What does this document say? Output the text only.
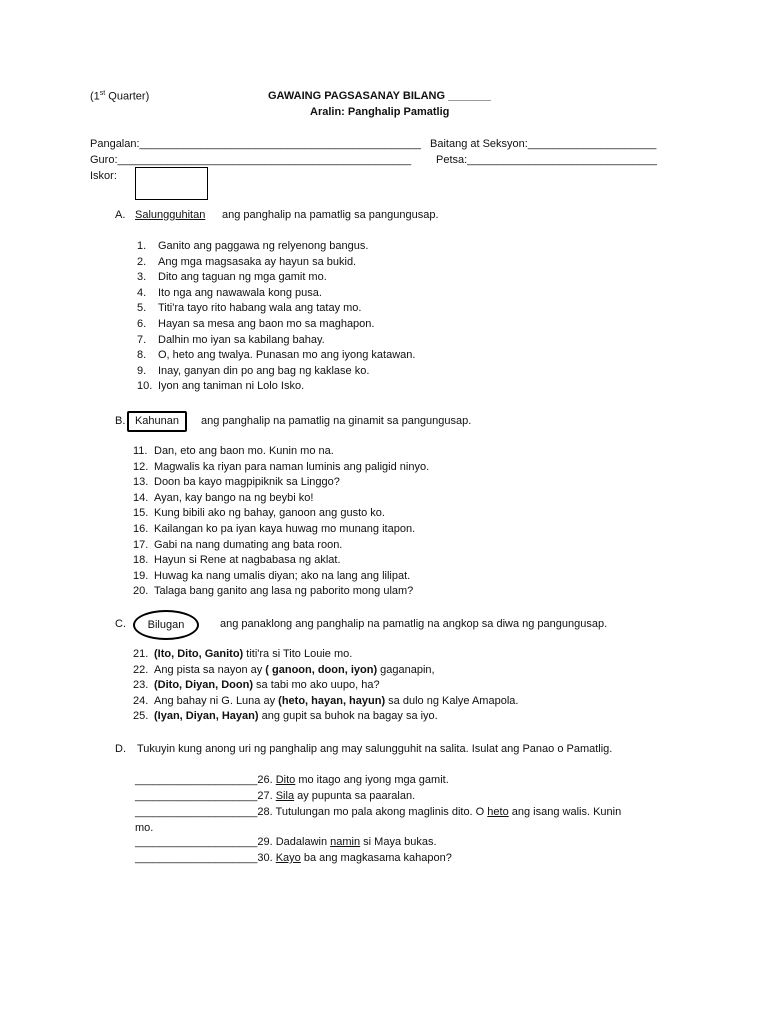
(1st Quarter)	GAWAING PAGSASANAY BILANG _______
Aralin: Panghalip Pamatlig
Pangalan:______________________________________________ Baitang at Seksyon:_____________________
Guro:________________________________________________ Petsa:_______________________________
Iskor:
A. Salungguhitan ang panghalip na pamatlig sa pangungusap.
1. Ganito ang paggawa ng relyenong bangus.
2. Ang mga magsasaka ay hayun sa bukid.
3. Dito ang taguan ng mga gamit mo.
4. Ito nga ang nawawala kong pusa.
5. Titi'ra tayo rito habang wala ang tatay mo.
6. Hayan sa mesa ang baon mo sa maghapon.
7. Dalhin mo iyan sa kabilang bahay.
8. O, heto ang twalya. Punasan mo ang iyong katawan.
9. Inay, ganyan din po ang bag ng kaklase ko.
10. Iyon ang taniman ni Lolo Isko.
B. Kahunan	ang panghalip na pamatlig na ginamit sa pangungusap.
11. Dan, eto ang baon mo. Kunin mo na.
12. Magwalis ka riyan para naman luminis ang paligid ninyo.
13. Doon ba kayo magpipiknik sa Linggo?
14. Ayan, kay bango na ng beybi ko!
15. Kung bibili ako ng bahay, ganoon ang gusto ko.
16. Kailangan ko pa iyan kaya huwag mo munang itapon.
17. Gabi na nang dumating ang bata roon.
18. Hayun si Rene at nagbabasa ng aklat.
19. Huwag ka nang umalis diyan; ako na lang ang lilipat.
20. Talaga bang ganito ang lasa ng paborito mong ulam?
C.	Bilugan	ang panaklong ang panghalip na pamatlig na angkop sa diwa ng pangungusap.
21. (Ito, Dito, Ganito) titi'ra si Tito Louie mo.
22. Ang pista sa nayon ay ( ganoon, doon, iyon) gaganapin,
23. (Dito, Diyan, Doon) sa tabi mo ako uupo, ha?
24. Ang bahay ni G. Luna ay (heto, hayan, hayun) sa dulo ng Kalye Amapola.
25. (Iyan, Diyan, Hayan) ang gupit sa buhok na bagay sa iyo.
D. Tukuyin kung anong uri ng panghalip ang may salungguhit na salita. Isulat ang Panao o Pamatlig.
____________________26. Dito mo itago ang iyong mga gamit.
____________________27. Sila ay pupunta sa paaralan.
____________________28. Tutulungan mo pala akong maglinis dito. O heto ang isang walis. Kunin
mo.
____________________29. Dadalawin namin si Maya bukas.
____________________30. Kayo ba ang magkasama kahapon?
